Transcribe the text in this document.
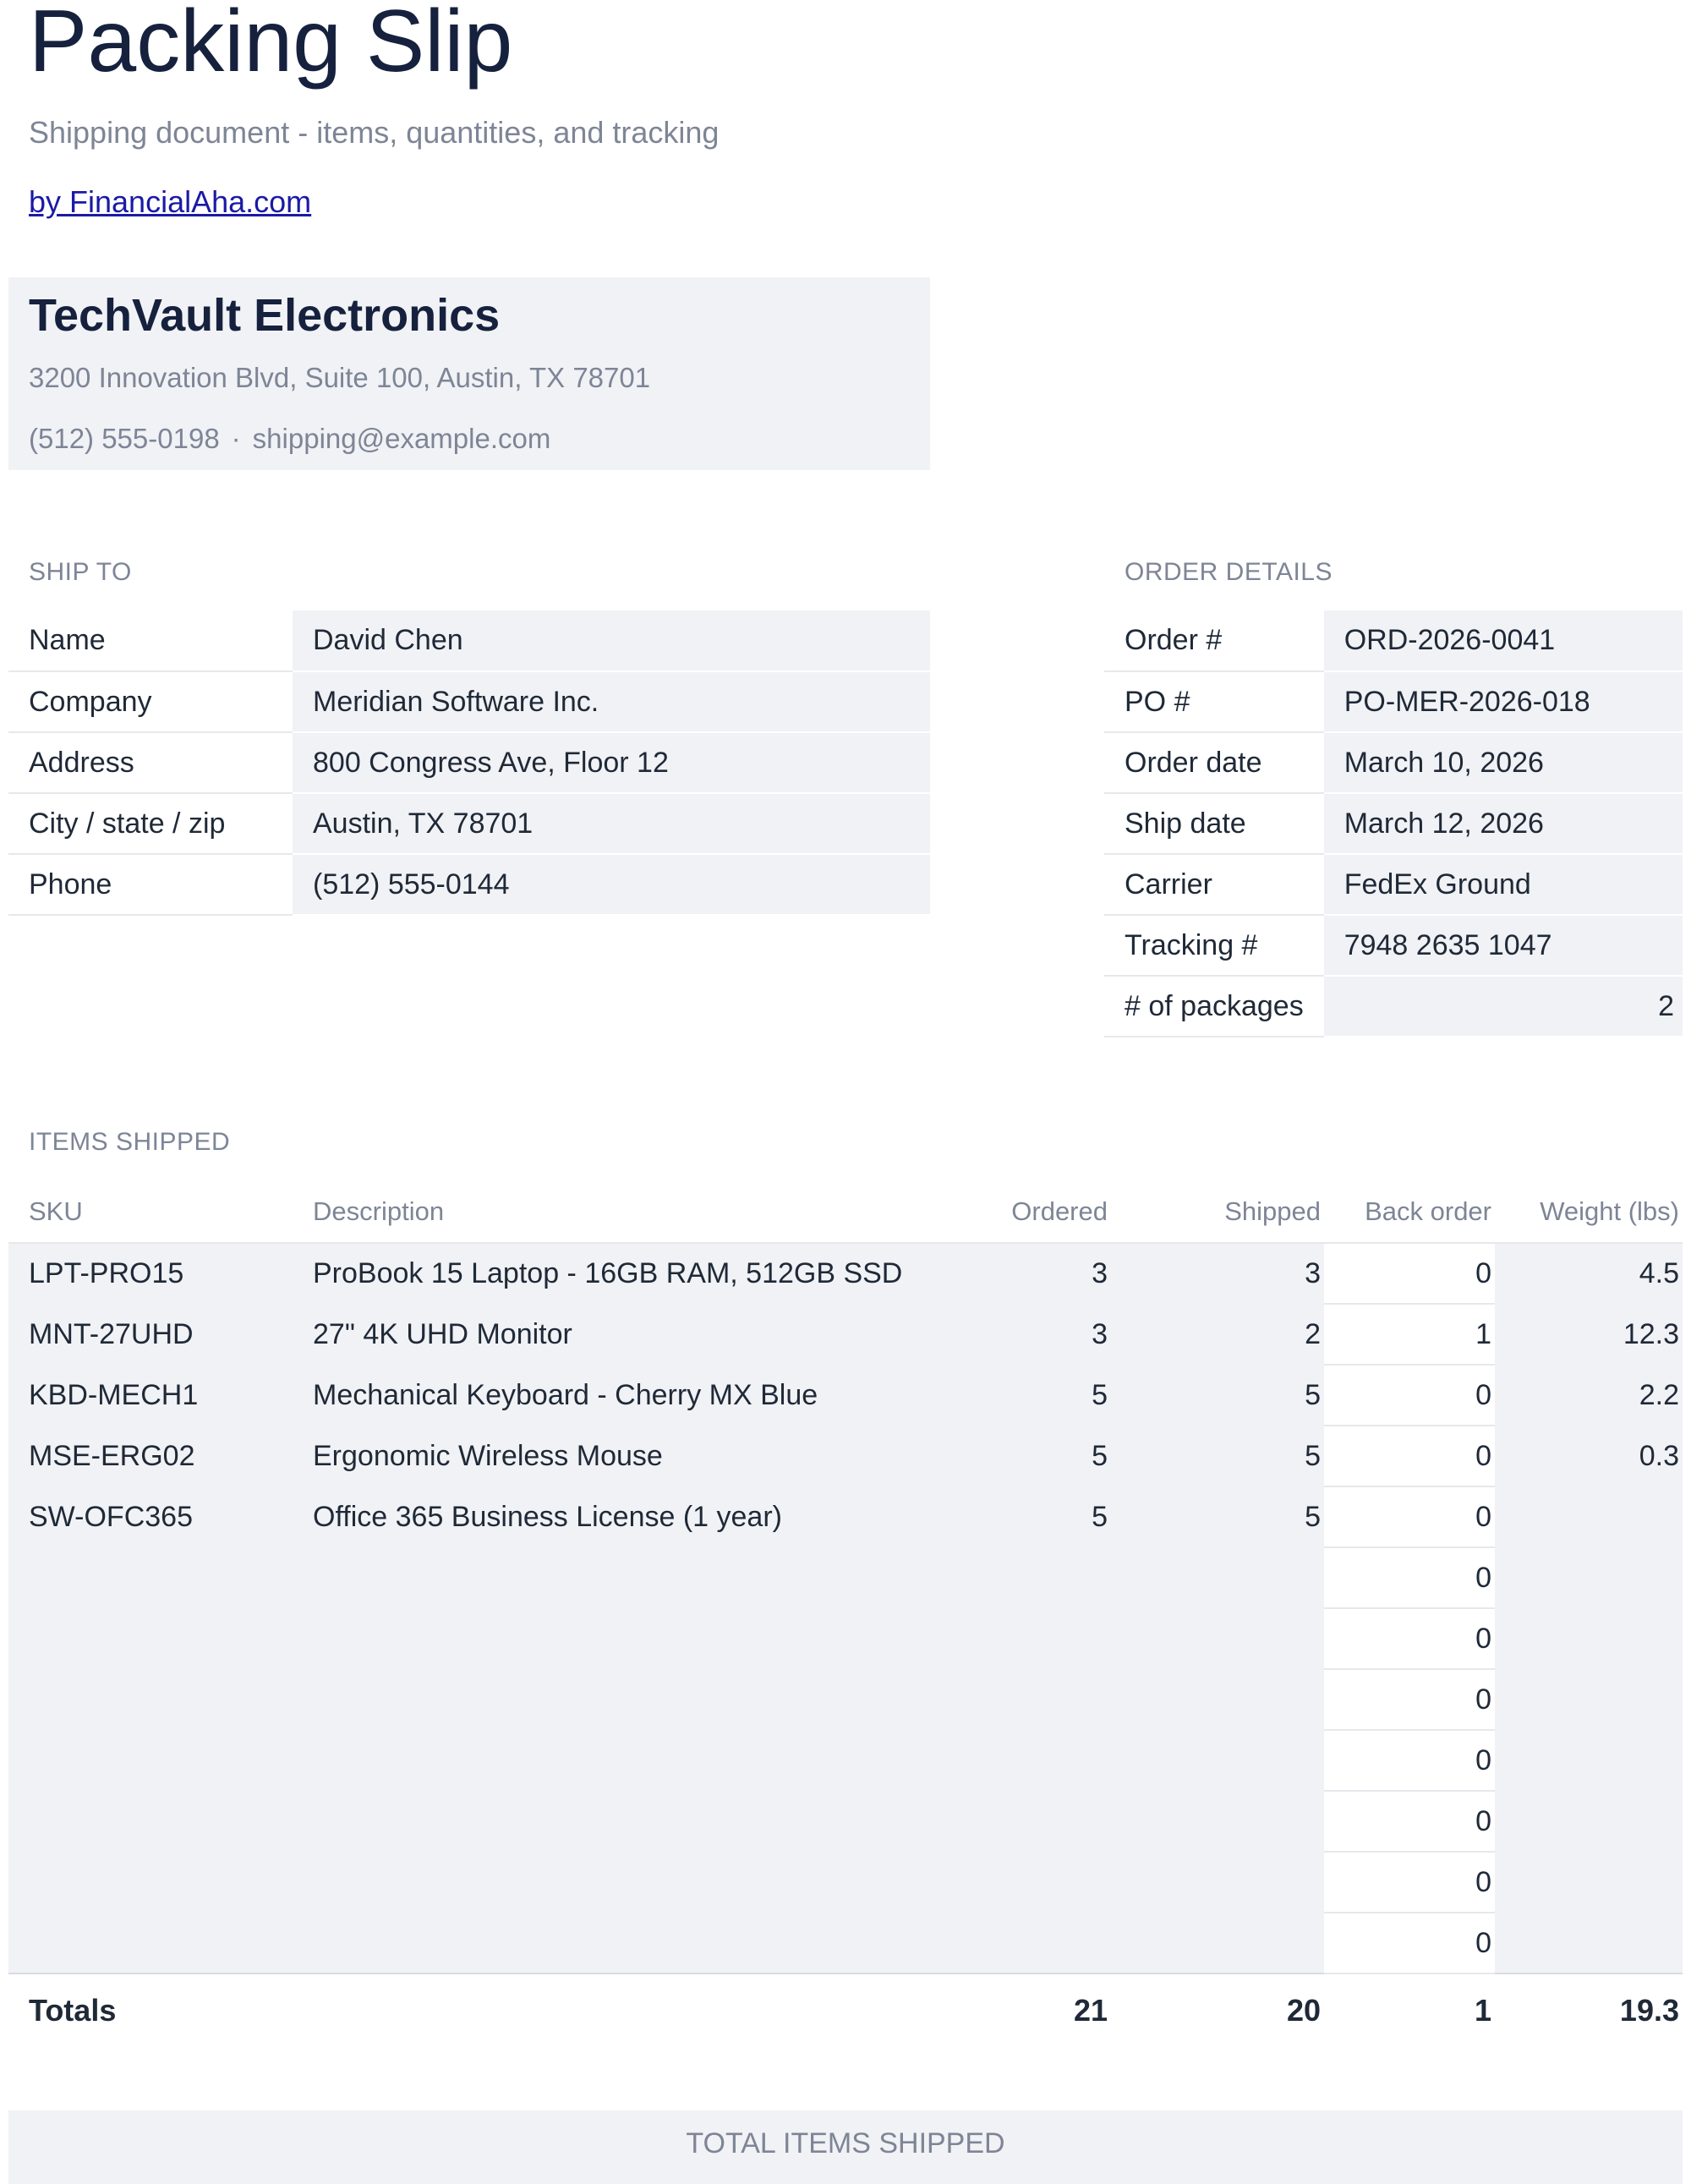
Packing Slip
Shipping document - items, quantities, and tracking
by FinancialAha.com
TechVault Electronics
3200 Innovation Blvd, Suite 100, Austin, TX 78701
(512) 555-0198 · shipping@example.com
SHIP TO
Name	David Chen
Company	Meridian Software Inc.
Address	800 Congress Ave, Floor 12
City / state / zip	Austin, TX 78701
Phone	(512) 555-0144
ORDER DETAILS
Order #	ORD-2026-0041
PO #	PO-MER-2026-018
Order date	March 10, 2026
Ship date	March 12, 2026
Carrier	FedEx Ground
Tracking #	7948 2635 1047
# of packages	2
ITEMS SHIPPED
SKU	Description	Ordered	Shipped	Back order	Weight (lbs)
LPT-PRO15	ProBook 15 Laptop - 16GB RAM, 512GB SSD	3	3	0	4.5
MNT-27UHD	27" 4K UHD Monitor	3	2	1	12.3
KBD-MECH1	Mechanical Keyboard - Cherry MX Blue	5	5	0	2.2
MSE-ERG02	Ergonomic Wireless Mouse	5	5	0	0.3
SW-OFC365	Office 365 Business License (1 year)	5	5	0	
				0	
				0	
				0	
				0	
				0	
				0	
				0	
Totals		21	20	1	19.3
TOTAL ITEMS SHIPPED
